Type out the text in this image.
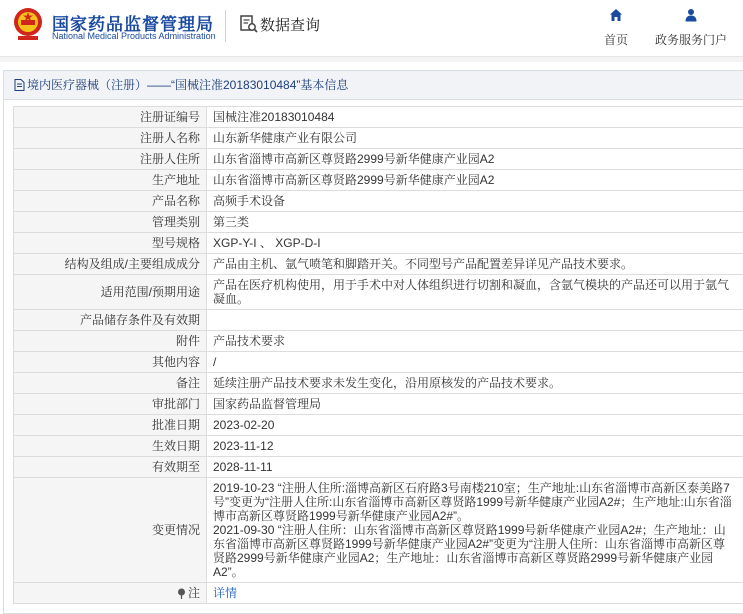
国家药品监督管理局
National Medical Products Administration
数据查询
首页	政务服务门户
境内医疗器械（注册）——“国械注准20183010484”基本信息
注册证编号	国械注准20183010484
注册人名称	山东新华健康产业有限公司
注册人住所	山东省淄博市高新区尊贤路2999号新华健康产业园A2
生产地址	山东省淄博市高新区尊贤路2999号新华健康产业园A2
产品名称	高频手术设备
管理类别	第三类
型号规格	XGP-Y-I 、 XGP-D-I
结构及组成/主要组成成分	产品由主机、氩气喷笔和脚踏开关。不同型号产品配置差异详见产品技术要求。
适用范围/预期用途	产品在医疗机构使用，用于手术中对人体组织进行切割和凝血，含氩气模块的产品还可以用于氩气凝血。
产品储存条件及有效期	
附件	产品技术要求
其他内容	/
备注	延续注册产品技术要求未发生变化，沿用原核发的产品技术要求。
审批部门	国家药品监督管理局
批准日期	2023-02-20
生效日期	2023-11-12
有效期至	2028-11-11
变更情况	2019-10-23 “注册人住所:淄博高新区石府路3号南楼210室；生产地址:山东省淄博市高新区泰美路7号”变更为“注册人住所:山东省淄博市高新区尊贤路1999号新华健康产业园A2#；生产地址:山东省淄博市高新区尊贤路1999号新华健康产业园A2#”。
2021-09-30 “注册人住所：山东省淄博市高新区尊贤路1999号新华健康产业园A2#；生产地址：山东省淄博市高新区尊贤路1999号新华健康产业园A2#”变更为“注册人住所：山东省淄博市高新区尊贤路2999号新华健康产业园A2；生产地址：山东省淄博市高新区尊贤路2999号新华健康产业园A2”。

注	详情
